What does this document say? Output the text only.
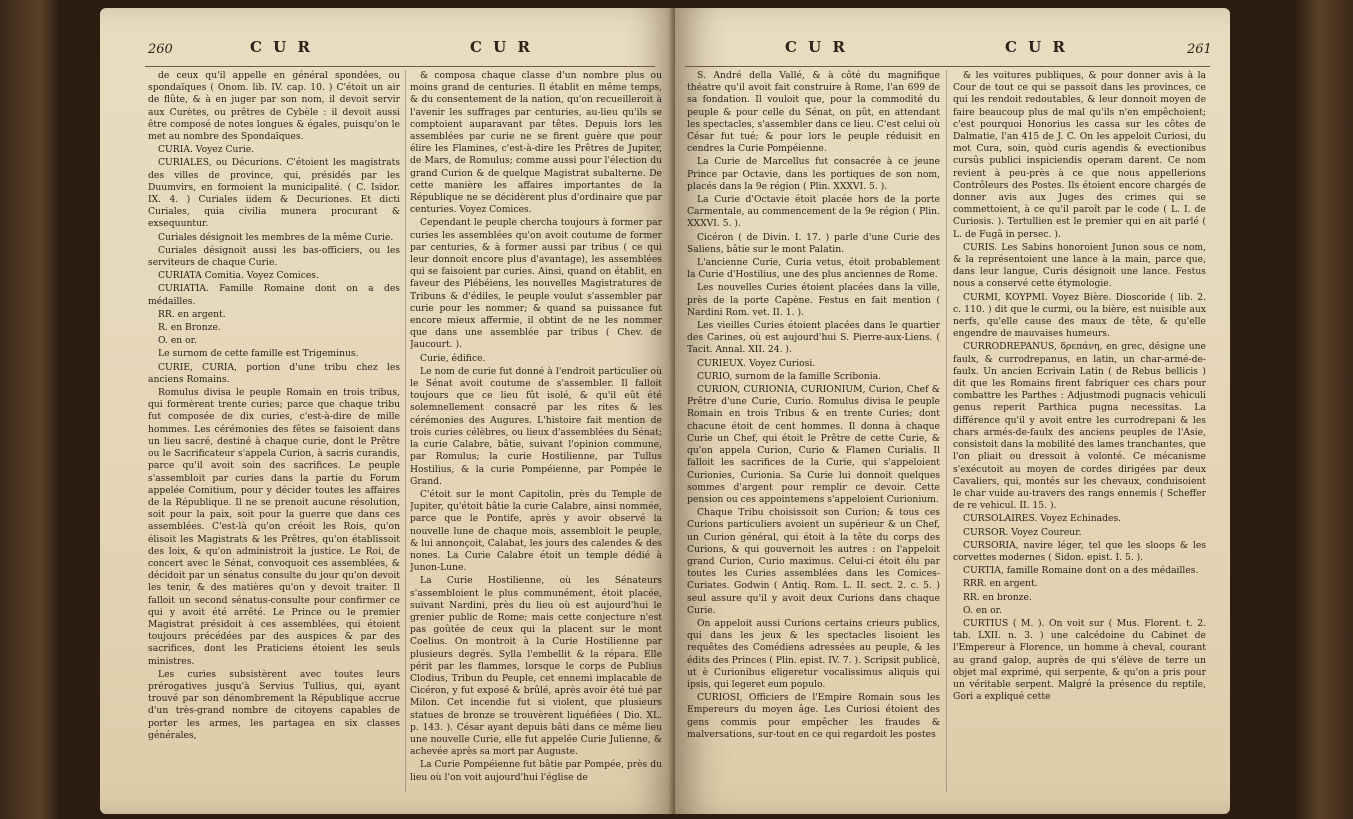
260	C U R	C U R

de ceux qu'il appelle en général spondées, ou spondaïques ( Onom. lib. IV. cap. 10. ) C'étoit un air de flûte, & à en juger par son nom, il devoit servir aux Curètes, ou prêtres de Cybèle : il devoit aussi être composé de notes longues & égales, puisqu'on le met au nombre des Spondaïques.

CURIA. Voyez Curie.

CURIALES, ou Décurions. C'étoient les magistrats des villes de province, qui, présidés par les Duumvirs, en formoient la municipalité. ( C. Isidor. IX. 4. ) Curiales iidem & Decuriones. Et dicti Curiales, quia civilia munera procurant & exsequuntur.

Curiales désignoit les membres de la même Curie.

Curiales désignoit aussi les bas-officiers, ou les serviteurs de chaque Curie.

CURIATA Comitia. Voyez Comices.

CURIATIA. Famille Romaine dont on a des médailles.

RR. en argent.

R. en Bronze.

O. en or.

Le surnom de cette famille est Trigeminus.

CURIE, CURIA, portion d'une tribu chez les anciens Romains.

Romulus divisa le peuple Romain en trois tribus, qui formèrent trente curies; parce que chaque tribu fut composée de dix curies, c'est-à-dire de mille hommes. Les cérémonies des fêtes se faisoient dans un lieu sacré, destiné à chaque curie, dont le Prêtre ou le Sacrificateur s'appela Curion, à sacris curandis, parce qu'il avoit soin des sacrifices. Le peuple s'assembloit par curies dans la partie du Forum appelée Comitium, pour y décider toutes les affaires de la République. Il ne se prenoit aucune résolution, soit pour la paix, soit pour la guerre que dans ces assemblées. C'est-là qu'on créoit les Rois, qu'on élisoit les Magistrats & les Prêtres, qu'on établissoit des loix, & qu'on administroit la justice. Le Roi, de concert avec le Sénat, convoquoit ces assemblées, & décidoit par un sénatus consulte du jour qu'on devoit les tenir, & des matières qu'on y devoit traiter. Il falloit un second sénatus-consulte pour confirmer ce qui y avoit été arrêté. Le Prince ou le premier Magistrat présidoit à ces assemblées, qui étoient toujours précédées par des auspices & par des sacrifices, dont les Praticiens étoient les seuls ministres.

Les curies subsistèrent avec toutes leurs prérogatives jusqu'à Servius Tullius, qui, ayant trouvé par son dénombrement la République accrue d'un très-grand nombre de citoyens capables de porter les armes, les partagea en six classes générales,

& composa chaque classe d'un nombre plus ou moins grand de centuries. Il établit en même temps, & du consentement de la nation, qu'on recueilleroit à l'avenir les suffrages par centuries, au-lieu qu'ils se comptoient auparavant par têtes. Depuis lors les assemblées par curie ne se firent guère que pour élire les Flamines, c'est-à-dire les Prêtres de Jupiter, de Mars, de Romulus; comme aussi pour l'élection du grand Curion & de quelque Magistrat subalterne. De cette manière les affaires importantes de la République ne se décidèrent plus d'ordinaire que par centuries. Voyez Comices.

Cependant le peuple chercha toujours à former par curies les assemblées qu'on avoit coutume de former par centuries, & à former aussi par tribus ( ce qui leur donnoit encore plus d'avantage), les assemblées qui se faisoient par curies. Ainsi, quand on établit, en faveur des Plébéiens, les nouvelles Magistratures de Tribuns & d'édiles, le peuple voulut s'assembler par curie pour les nommer; & quand sa puissance fut encore mieux affermie, il obtint de ne les nommer que dans une assemblée par tribus ( Chev. de Jaucourt. ).

Curie, édifice.

Le nom de curie fut donné à l'endroit particulier où le Sénat avoit coutume de s'assembler. Il falloit toujours que ce lieu fût isolé, & qu'il eût été solemnellement consacré par les rites & les cérémonies des Augures. L'histoire fait mention de trois curies célèbres, ou lieux d'assemblées du Sénat; la curie Calabre, bâtie, suivant l'opinion commune, par Romulus; la curie Hostilienne, par Tullus Hostilius, & la curie Pompéienne, par Pompée le Grand.

C'étoit sur le mont Capitolin, près du Temple de Jupiter, qu'étoit bâtie la curie Calabre, ainsi nommée, parce que le Pontife, après y avoir observé la nouvelle lune de chaque mois, assembloit le peuple, & lui annonçoit, Calabat, les jours des calendes & des nones. La Curie Calabre étoit un temple dédié à Junon-Lune.

La Curie Hostilienne, où les Sénateurs s'assembloient le plus communément, étoit placée, suivant Nardini, près du lieu où est aujourd'hui le grenier public de Rome; mais cette conjecture n'est pas goûtée de ceux qui la placent sur le mont Coelius. On montroit à la Curie Hostilienne par plusieurs degrés. Sylla l'embellit & la répara. Elle périt par les flammes, lorsque le corps de Publius Clodius, Tribun du Peuple, cet ennemi implacable de Cicéron, y fut exposé & brûlé, après avoir été tué par Milon. Cet incendie fut si violent, que plusieurs statues de bronze se trouvèrent liquéfiées ( Dio. XL. p. 143. ). César ayant depuis bâti dans ce même lieu une nouvelle Curie, elle fut appelée Curie Julienne, & achevée après sa mort par Auguste.

La Curie Pompéienne fut bâtie par Pompée, près du lieu où l'on voit aujourd'hui l'église de

C U R	C U R	261

S. André della Vallé, & à côté du magnifique théatre qu'il avoit fait construire à Rome, l'an 699 de sa fondation. Il vouloit que, pour la commodité du peuple & pour celle du Sénat, on pût, en attendant les spectacles, s'assembler dans ce lieu. C'est celui où César fut tué; & pour lors le peuple réduisit en cendres la Curie Pompéienne.

La Curie de Marcellus fut consacrée à ce jeune Prince par Octavie, dans les portiques de son nom, placés dans la 9e région ( Plin. XXXVI. 5. ).

La Curie d'Octavie étoit placée hors de la porte Carmentale, au commencement de la 9e région ( Plin. XXXVI. 5. ).

Cicéron ( de Divin. I. 17. ) parle d'une Curie des Saliens, bâtie sur le mont Palatin.

L'ancienne Curie, Curia vetus, étoit probablement la Curie d'Hostilius, une des plus anciennes de Rome.

Les nouvelles Curies étoient placées dans la ville, près de la porte Capène. Festus en fait mention ( Nardini Rom. vet. II. 1. ).

Les vieilles Curies étoient placées dans le quartier des Carines, où est aujourd'hui S. Pierre-aux-Liens. ( Tacit. Annal. XII. 24. ).

CURIEUX. Voyez Curiosi.

CURIO, surnom de la famille Scribonia.

CURION, CURIONIA, CURIONIUM, Curion, Chef & Prêtre d'une Curie, Curio. Romulus divisa le peuple Romain en trois Tribus & en trente Curies; dont chacune étoit de cent hommes. Il donna à chaque Curie un Chef, qui étoit le Prêtre de cette Curie, & qu'on appela Curion, Curio & Flamen Curialis. Il falloit les sacrifices de la Curie, qui s'appeloient Curionies, Curionia. Sa Curie lui donnoit quelques sommes d'argent pour remplir ce devoir. Cette pension ou ces appointemens s'appeloient Curionium.

Chaque Tribu choisissoit son Curion; & tous ces Curions particuliers avoient un supérieur & un Chef, un Curion général, qui étoit à la tête du corps des Curions, & qui gouvernoit les autres : on l'appeloit grand Curion, Curio maximus. Celui-ci étoit élu par toutes les Curies assemblées dans les Comices-Curiates. Godwin ( Antiq. Rom. L. II. sect. 2. c. 5. ) seul assure qu'il y avoit deux Curions dans chaque Curie.

On appeloit aussi Curions certains crieurs publics, qui dans les jeux & les spectacles lisoient les requêtes des Comédiens adressées au peuple, & les édits des Princes ( Plin. epist. IV. 7. ). Scripsit publicè, ut è Curionibus eligeretur vocalissimus aliquis qui ipsis, qui legeret eum populo.

CURIOSI, Officiers de l'Empire Romain sous les Empereurs du moyen âge. Les Curiosi étoient des gens commis pour empêcher les fraudes & malversations, sur-tout en ce qui regardoit les postes

& les voitures publiques, & pour donner avis à la Cour de tout ce qui se passoit dans les provinces, ce qui les rendoit redoutables, & leur donnoit moyen de faire beaucoup plus de mal qu'ils n'en empêchoient; c'est pourquoi Honorius les cassa sur les côtes de Dalmatie, l'an 415 de J. C. On les appeloit Curiosi, du mot Cura, soin, quòd curis agendis & evectionibus cursûs publici inspiciendis operam darent. Ce nom revient à peu-près à ce que nous appellerions Contrôleurs des Postes. Ils étoient encore chargés de donner avis aux Juges des crimes qui se commettoient, à ce qu'il paroît par le code ( L. I. de Curiosis. ). Tertullien est le premier qui en ait parlé ( L. de Fugâ in persec. ).

CURIS. Les Sabins honoroient Junon sous ce nom, & la représentoient une lance à la main, parce que, dans leur langue, Curis désignoit une lance. Festus nous a conservé cette étymologie.

CURMI, ΚΟΥΡΜΙ. Voyez Bière. Dioscoride ( lib. 2. c. 110. ) dit que le curmi, ou la bière, est nuisible aux nerfs, qu'elle cause des maux de tête, & qu'elle engendre de mauvaises humeurs.

CURRODREPANUS, δρεπάνη, en grec, désigne une faulx, & currodrepanus, en latin, un char-armé-de-faulx. Un ancien Ecrivain Latin ( de Rebus bellicis ) dit que les Romains firent fabriquer ces chars pour combattre les Parthes : Adjustmodi pugnacis vehiculi genus reperit Parthica pugna necessitas. La différence qu'il y avoit entre les currodrepani & les chars armés-de-faulx des anciens peuples de l'Asie, consistoit dans la mobilité des lames tranchantes, que l'on pliait ou dressoit à volonté. Ce mécanisme s'exécutoit au moyen de cordes dirigées par deux Cavaliers, qui, montés sur les chevaux, conduisoient le char vuide au-travers des rangs ennemis ( Scheffer de re vehicul. II. 15. ).

CURSOLAIRES. Voyez Echinades.

CURSOR. Voyez Coureur.

CURSORIA, navire léger, tel que les sloops & les corvettes modernes ( Sidon. epist. I. 5. ).

CURTIA, famille Romaine dont on a des médailles.

RRR. en argent.

RR. en bronze.

O. en or.

CURTIUS ( M. ). On voit sur ( Mus. Florent. t. 2. tab. LXII. n. 3. ) une calcédoine du Cabinet de l'Empereur à Florence, un homme à cheval, courant au grand galop, auprès de qui s'élève de terre un objet mal exprimé, qui serpente, & qu'on a pris pour un véritable serpent. Malgré la présence du reptile, Gori a expliqué cette
